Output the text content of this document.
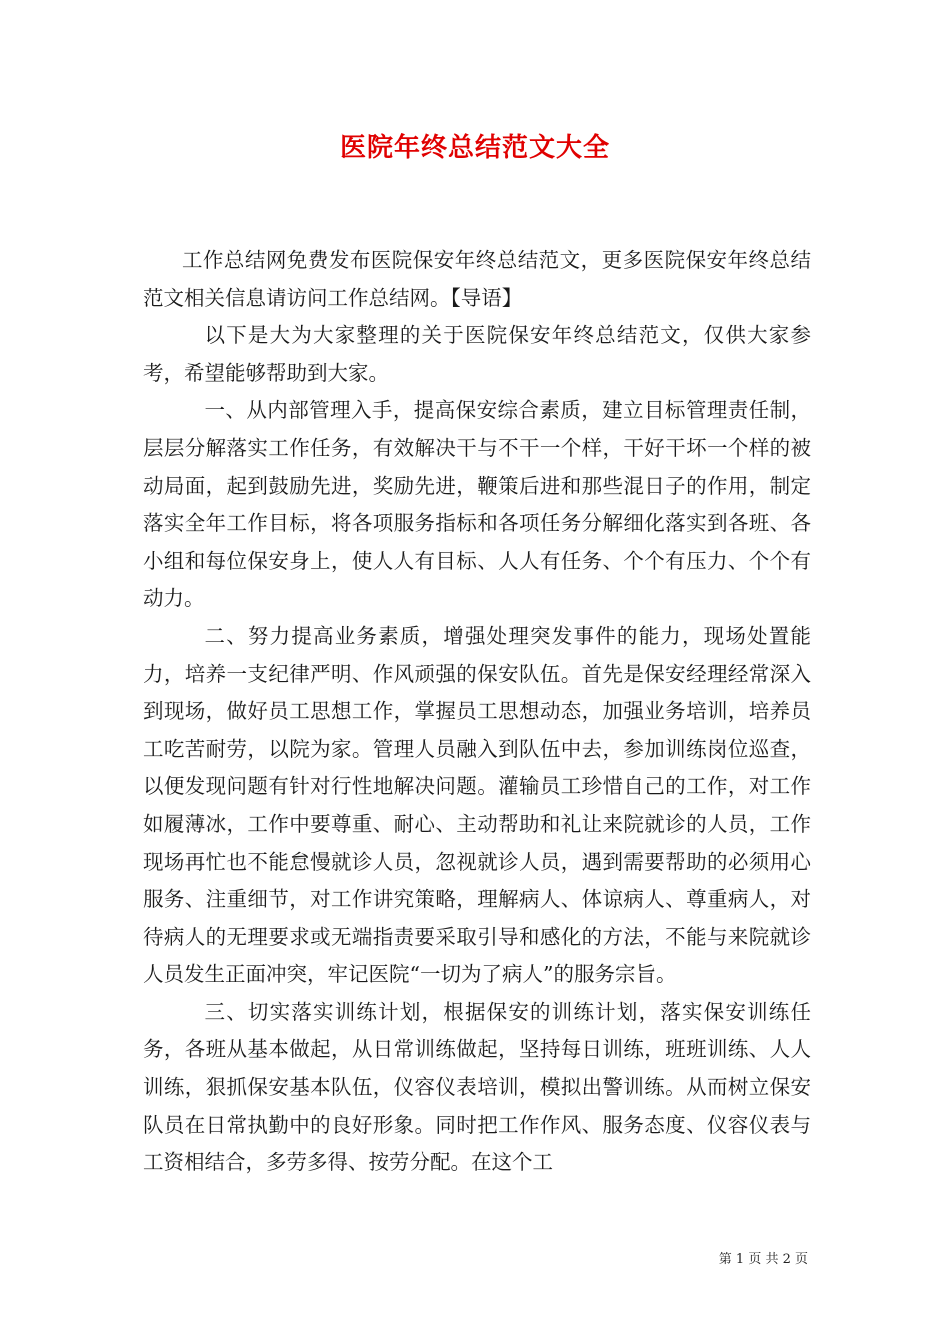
医院年终总结范文大全

工作总结网免费发布医院保安年终总结范文，更多医院保安年终总结范文相关信息请访问工作总结网。【导语】

以下是大为大家整理的关于医院保安年终总结范文，仅供大家参考，希望能够帮助到大家。

一、从内部管理入手，提高保安综合素质，建立目标管理责任制，层层分解落实工作任务，有效解决干与不干一个样，干好干坏一个样的被动局面，起到鼓励先进，奖励先进，鞭策后进和那些混日子的作用，制定落实全年工作目标，将各项服务指标和各项任务分解细化落实到各班、各小组和每位保安身上，使人人有目标、人人有任务、个个有压力、个个有动力。

二、努力提高业务素质，增强处理突发事件的能力，现场处置能力，培养一支纪律严明、作风顽强的保安队伍。首先是保安经理经常深入到现场，做好员工思想工作，掌握员工思想动态，加强业务培训，培养员工吃苦耐劳，以院为家。管理人员融入到队伍中去，参加训练岗位巡查，以便发现问题有针对行性地解决问题。灌输员工珍惜自己的工作，对工作如履薄冰，工作中要尊重、耐心、主动帮助和礼让来院就诊的人员，工作现场再忙也不能怠慢就诊人员，忽视就诊人员，遇到需要帮助的必须用心服务、注重细节，对工作讲究策略，理解病人、体谅病人、尊重病人，对待病人的无理要求或无端指责要采取引导和感化的方法，不能与来院就诊人员发生正面冲突，牢记医院“一切为了病人”的服务宗旨。

三、切实落实训练计划，根据保安的训练计划，落实保安训练任务，各班从基本做起，从日常训练做起，坚持每日训练，班班训练、人人训练，狠抓保安基本队伍，仪容仪表培训，模拟出警训练。从而树立保安队员在日常执勤中的良好形象。同时把工作作风、服务态度、仪容仪表与工资相结合，多劳多得、按劳分配。在这个工

第 1 页 共 2 页
